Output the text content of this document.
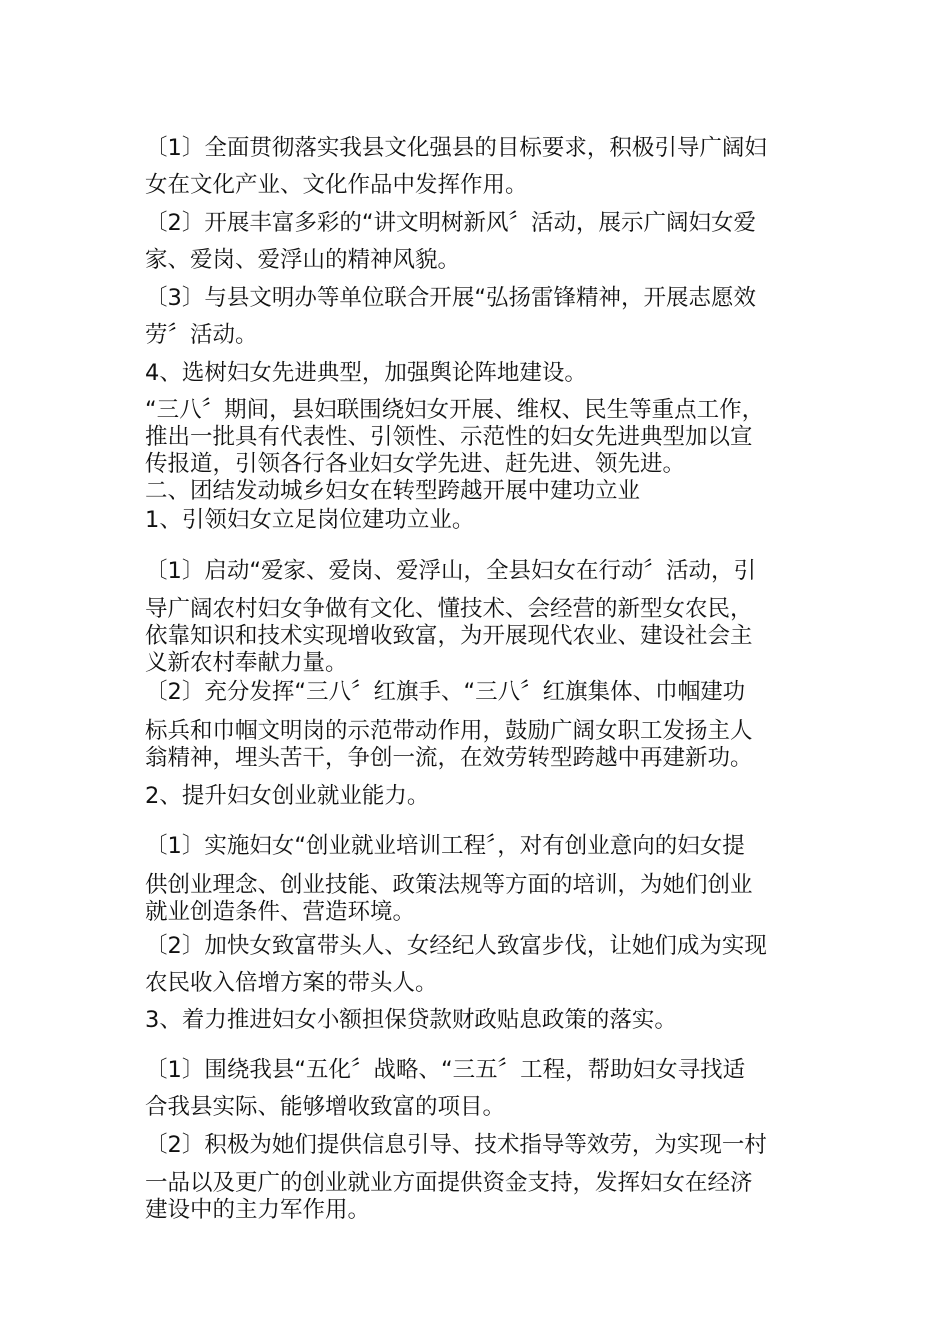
〔1〕全面贯彻落实我县文化强县的目标要求，积极引导广阔妇
女在文化产业、文化作品中发挥作用。

〔2〕开展丰富多彩的“讲文明树新风〞活动，展示广阔妇女爱
家、爱岗、爱浮山的精神风貌。

〔3〕与县文明办等单位联合开展“弘扬雷锋精神，开展志愿效
劳〞活动。

4、选树妇女先进典型，加强舆论阵地建设。

“三八〞期间，县妇联围绕妇女开展、维权、民生等重点工作，
推出一批具有代表性、引领性、示范性的妇女先进典型加以宣
传报道，引领各行各业妇女学先进、赶先进、领先进。
二、团结发动城乡妇女在转型跨越开展中建功立业

1、引领妇女立足岗位建功立业。

〔1〕启动“爱家、爱岗、爱浮山，全县妇女在行动〞活动，引

导广阔农村妇女争做有文化、懂技术、会经营的新型女农民，
依靠知识和技术实现增收致富，为开展现代农业、建设社会主
义新农村奉献力量。

〔2〕充分发挥“三八〞红旗手、“三八〞红旗集体、巾帼建功

标兵和巾帼文明岗的示范带动作用，鼓励广阔女职工发扬主人
翁精神，埋头苦干，争创一流，在效劳转型跨越中再建新功。

2、提升妇女创业就业能力。

〔1〕实施妇女“创业就业培训工程〞，对有创业意向的妇女提

供创业理念、创业技能、政策法规等方面的培训，为她们创业
就业创造条件、营造环境。

〔2〕加快女致富带头人、女经纪人致富步伐，让她们成为实现
农民收入倍增方案的带头人。

3、着力推进妇女小额担保贷款财政贴息政策的落实。

〔1〕围绕我县“五化〞战略、“三五〞工程，帮助妇女寻找适
合我县实际、能够增收致富的项目。

〔2〕积极为她们提供信息引导、技术指导等效劳，为实现一村

一品以及更广的创业就业方面提供资金支持，发挥妇女在经济
建设中的主力军作用。
